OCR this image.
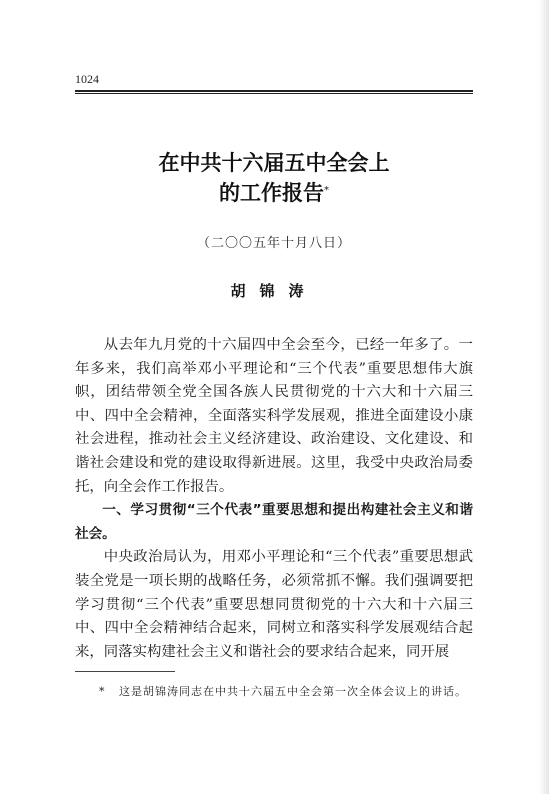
1024
在中共十六届五中全会上
的工作报告*
（二〇〇五年十月八日）
胡锦涛

从去年九月党的十六届四中全会至今，已经一年多了。一年多来，我们高举邓小平理论和“三个代表”重要思想伟大旗帜，团结带领全党全国各族人民贯彻党的十六大和十六届三中、四中全会精神，全面落实科学发展观，推进全面建设小康社会进程，推动社会主义经济建设、政治建设、文化建设、和谐社会建设和党的建设取得新进展。这里，我受中央政治局委托，向全会作工作报告。

一、学习贯彻“三个代表”重要思想和提出构建社会主义和谐社会。

中央政治局认为，用邓小平理论和“三个代表”重要思想武装全党是一项长期的战略任务，必须常抓不懈。我们强调要把学习贯彻“三个代表”重要思想同贯彻党的十六大和十六届三中、四中全会精神结合起来，同树立和落实科学发展观结合起来，同落实构建社会主义和谐社会的要求结合起来，同开展

*	这是胡锦涛同志在中共十六届五中全会第一次全体会议上的讲话。
